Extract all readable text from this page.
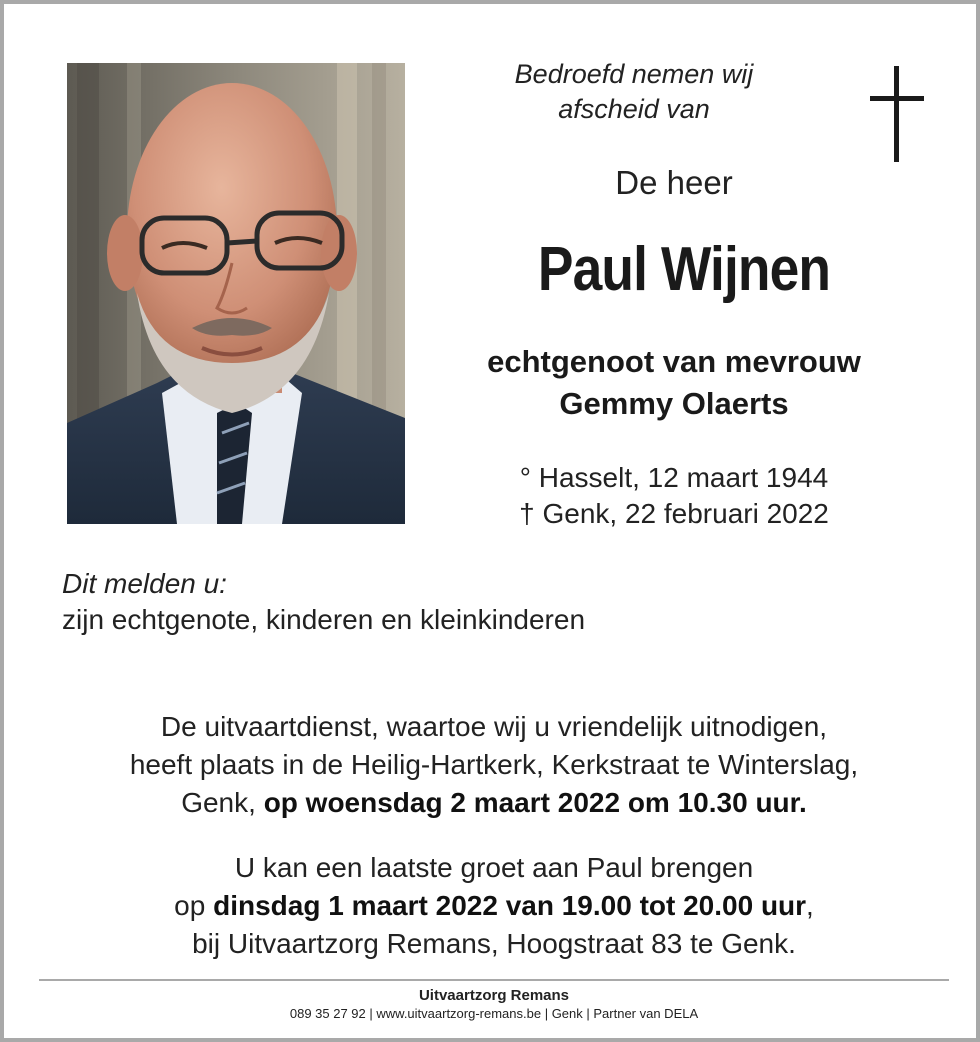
Bedroefd nemen wij
afscheid van
De heer
Paul Wijnen
echtgenoot van mevrouw
Gemmy Olaerts
° Hasselt, 12 maart 1944
† Genk, 22 februari 2022
Dit melden u:
zijn echtgenote, kinderen en kleinkinderen
De uitvaartdienst, waartoe wij u vriendelijk uitnodigen,
heeft plaats in de Heilig-Hartkerk, Kerkstraat te Winterslag,
Genk, op woensdag 2 maart 2022 om 10.30 uur.
U kan een laatste groet aan Paul brengen
op dinsdag 1 maart 2022 van 19.00 tot 20.00 uur,
bij Uitvaartzorg Remans, Hoogstraat 83 te Genk.
Uitvaartzorg Remans
089 35 27 92 | www.uitvaartzorg-remans.be | Genk | Partner van DELA
